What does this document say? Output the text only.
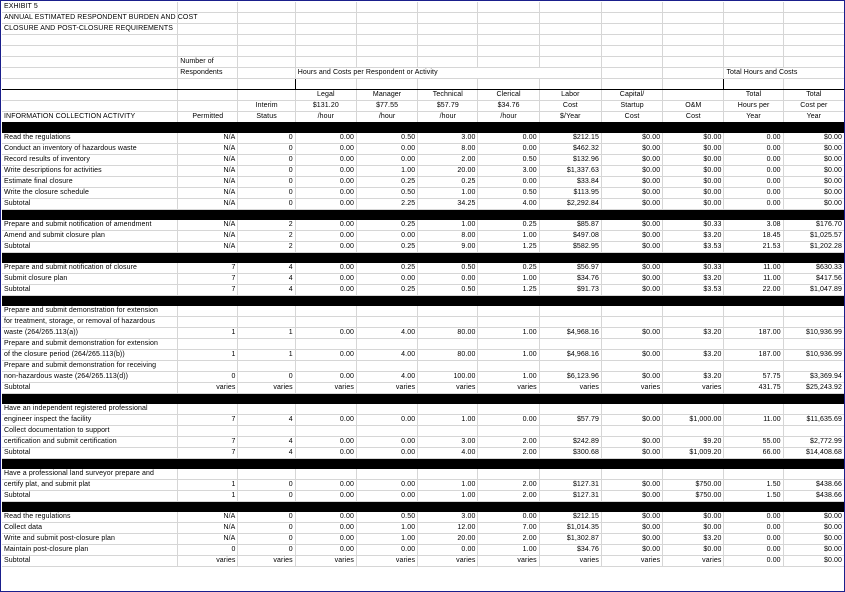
EXHIBIT 5											
ANNUAL ESTIMATED RESPONDENT BURDEN AND COST											
CLOSURE AND POST-CLOSURE REQUIREMENTS											

	Number of										
	Respondents		Hours and Costs per Respondent or Activity							Total Hours and Costs	

			Legal	Manager	Technical	Clerical	Labor	Capital/		Total	Total
		Interim	$131.20	$77.55	$57.79	$34.76	Cost	Startup	O&M	Hours per	Cost per
INFORMATION COLLECTION ACTIVITY	Permitted	Status	/hour	/hour	/hour	/hour	$/Year	Cost	Cost	Year	Year

Read the regulations	N/A	0	0.00	0.50	3.00	0.00	$212.15	$0.00	$0.00	0.00	$0.00
Conduct an inventory of hazardous waste	N/A	0	0.00	0.00	8.00	0.00	$462.32	$0.00	$0.00	0.00	$0.00
Record results of inventory	N/A	0	0.00	0.00	2.00	0.50	$132.96	$0.00	$0.00	0.00	$0.00
Write descriptions for activities	N/A	0	0.00	1.00	20.00	3.00	$1,337.63	$0.00	$0.00	0.00	$0.00
Estimate final closure	N/A	0	0.00	0.25	0.25	0.00	$33.84	$0.00	$0.00	0.00	$0.00
Write the closure schedule	N/A	0	0.00	0.50	1.00	0.50	$113.95	$0.00	$0.00	0.00	$0.00
Subtotal	N/A	0	0.00	2.25	34.25	4.00	$2,292.84	$0.00	$0.00	0.00	$0.00

Prepare and submit notification of amendment	N/A	2	0.00	0.25	1.00	0.25	$85.87	$0.00	$0.33	3.08	$176.70
Amend and submit closure plan	N/A	2	0.00	0.00	8.00	1.00	$497.08	$0.00	$3.20	18.45	$1,025.57
Subtotal	N/A	2	0.00	0.25	9.00	1.25	$582.95	$0.00	$3.53	21.53	$1,202.28

Prepare and submit notification of closure	7	4	0.00	0.25	0.50	0.25	$56.97	$0.00	$0.33	11.00	$630.33
Submit closure plan	7	4	0.00	0.00	0.00	1.00	$34.76	$0.00	$3.20	11.00	$417.56
Subtotal	7	4	0.00	0.25	0.50	1.25	$91.73	$0.00	$3.53	22.00	$1,047.89

Prepare and submit demonstration for extension											
for treatment, storage, or removal of hazardous											
waste (264/265.113(a))	1	1	0.00	4.00	80.00	1.00	$4,968.16	$0.00	$3.20	187.00	$10,936.99
Prepare and submit demonstration for extension											
of the closure period (264/265.113(b))	1	1	0.00	4.00	80.00	1.00	$4,968.16	$0.00	$3.20	187.00	$10,936.99
Prepare and submit demonstration for receiving											
non-hazardous waste (264/265.113(d))	0	0	0.00	4.00	100.00	1.00	$6,123.96	$0.00	$3.20	57.75	$3,369.94
Subtotal	varies	varies	varies	varies	varies	varies	varies	varies	varies	431.75	$25,243.92

Have an independent registered professional											
engineer inspect the facility	7	4	0.00	0.00	1.00	0.00	$57.79	$0.00	$1,000.00	11.00	$11,635.69
Collect documentation to support											
certification and submit certification	7	4	0.00	0.00	3.00	2.00	$242.89	$0.00	$9.20	55.00	$2,772.99
Subtotal	7	4	0.00	0.00	4.00	2.00	$300.68	$0.00	$1,009.20	66.00	$14,408.68

Have a professional land surveyor prepare and											
certify plat, and submit plat	1	0	0.00	0.00	1.00	2.00	$127.31	$0.00	$750.00	1.50	$438.66
Subtotal	1	0	0.00	0.00	1.00	2.00	$127.31	$0.00	$750.00	1.50	$438.66

Read the regulations	N/A	0	0.00	0.50	3.00	0.00	$212.15	$0.00	$0.00	0.00	$0.00
Collect data	N/A	0	0.00	1.00	12.00	7.00	$1,014.35	$0.00	$0.00	0.00	$0.00
Write and submit post-closure plan	N/A	0	0.00	1.00	20.00	2.00	$1,302.87	$0.00	$3.20	0.00	$0.00
Maintain post-closure plan	0	0	0.00	0.00	0.00	1.00	$34.76	$0.00	$0.00	0.00	$0.00
Subtotal	varies	varies	varies	varies	varies	varies	varies	varies	varies	0.00	$0.00
